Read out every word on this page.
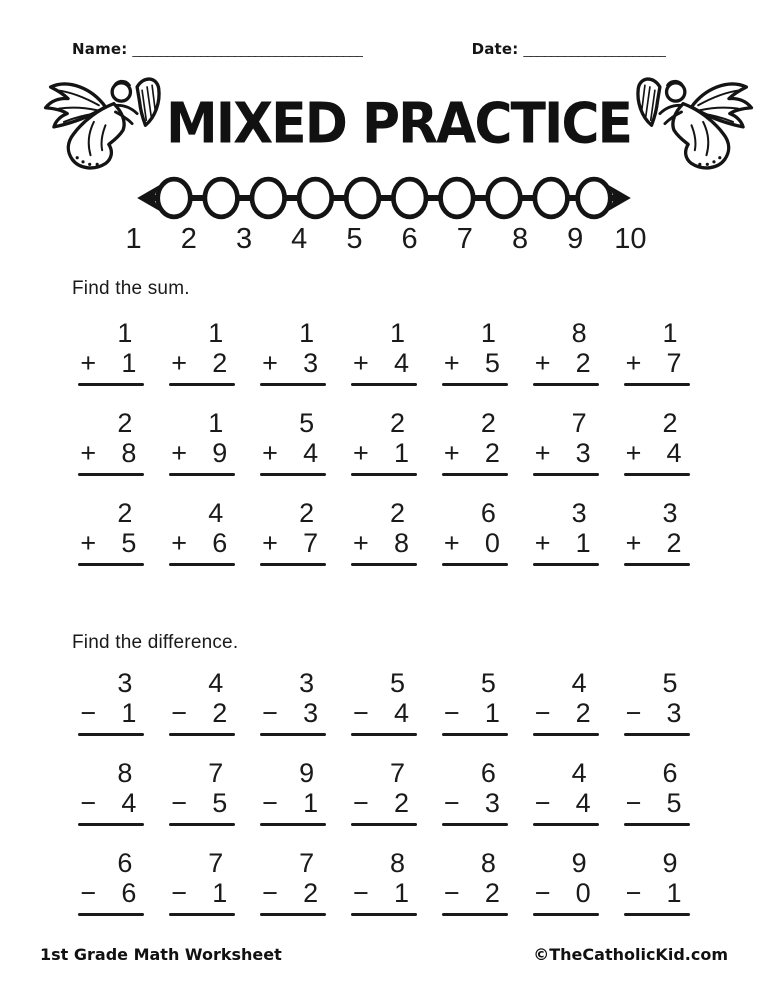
Name: __________________________________	Date: _____________________
MIXED PRACTICE
1	2	3	4	5	6	7	8	9	10
Find the sum.
1
+ 1
1
+ 2
1
+ 3
1
+ 4
1
+ 5
8
+ 2
1
+ 7
2
+ 8
1
+ 9
5
+ 4
2
+ 1
2
+ 2
7
+ 3
2
+ 4
2
+ 5
4
+ 6
2
+ 7
2
+ 8
6
+ 0
3
+ 1
3
+ 2
Find the difference.
3
− 1
4
− 2
3
− 3
5
− 4
5
− 1
4
− 2
5
− 3
8
− 4
7
− 5
9
− 1
7
− 2
6
− 3
4
− 4
6
− 5
6
− 6
7
− 1
7
− 2
8
− 1
8
− 2
9
− 0
9
− 1
1st Grade Math Worksheet	©TheCatholicKid.com
